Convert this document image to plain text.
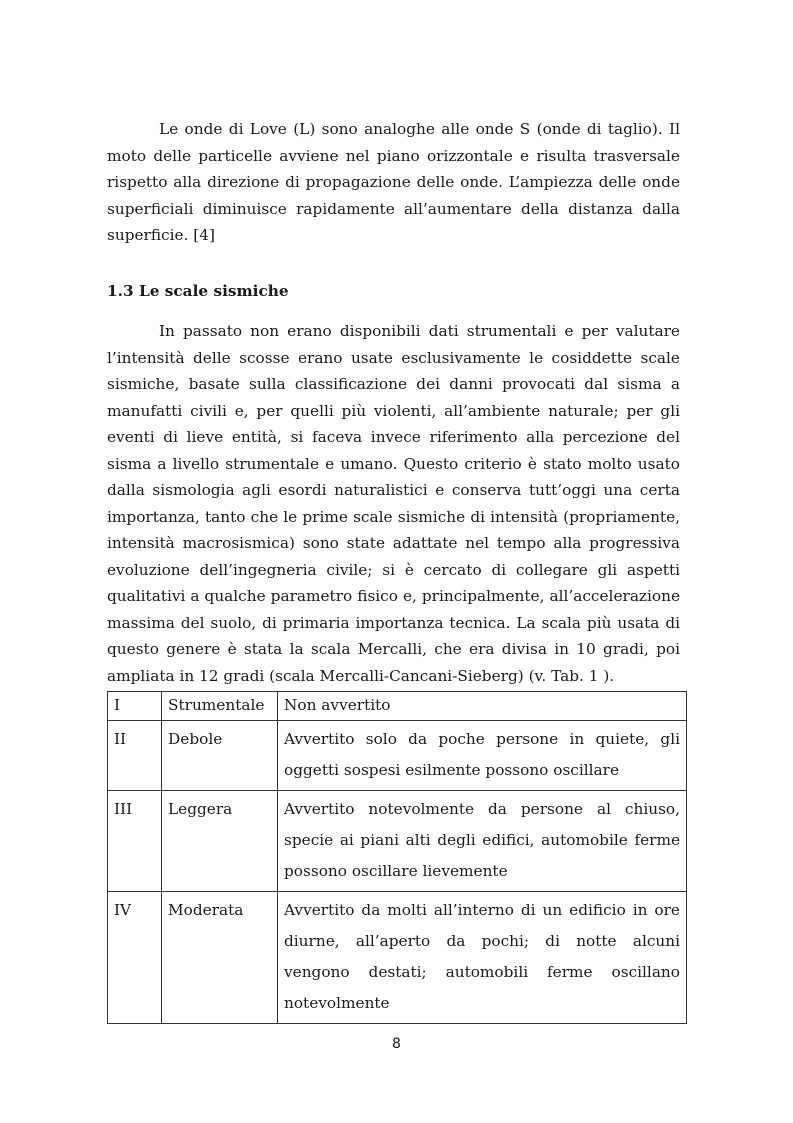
Le onde di Love (L) sono analoghe alle onde S (onde di taglio). Il moto delle particelle avviene nel piano orizzontale e risulta trasversale rispetto alla direzione di propagazione delle onde. L’ampiezza delle onde superficiali diminuisce rapidamente all’aumentare della distanza dalla superficie. [4]

1.3 Le scale sismiche

In passato non erano disponibili dati strumentali e per valutare l’intensità delle scosse erano usate esclusivamente le cosiddette scale sismiche, basate sulla classificazione dei danni provocati dal sisma a manufatti civili e, per quelli più violenti, all’ambiente naturale; per gli eventi di lieve entità, si faceva invece riferimento alla percezione del sisma a livello strumentale e umano. Questo criterio è stato molto usato dalla sismologia agli esordi naturalistici e conserva tutt’oggi una certa importanza, tanto che le prime scale sismiche di intensità (propriamente, intensità macrosismica) sono state adattate nel tempo alla progressiva evoluzione dell’ingegneria civile; si è cercato di collegare gli aspetti qualitativi a qualche parametro fisico e, principalmente, all’accelerazione massima del suolo, di primaria importanza tecnica. La scala più usata di questo genere è stata la scala Mercalli, che era divisa in 10 gradi, poi ampliata in 12 gradi (scala Mercalli-Cancani-Sieberg) (v. Tab. 1 ).

I	Strumentale	Non avvertito
II	Debole	Avvertito solo da poche persone in quiete, gli oggetti sospesi esilmente possono oscillare
III	Leggera	Avvertito notevolmente da persone al chiuso, specie ai piani alti degli edifici, automobile ferme possono oscillare lievemente
IV	Moderata	Avvertito da molti all’interno di un edificio in ore diurne, all’aperto da pochi; di notte alcuni vengono destati; automobili ferme oscillano notevolmente
8
